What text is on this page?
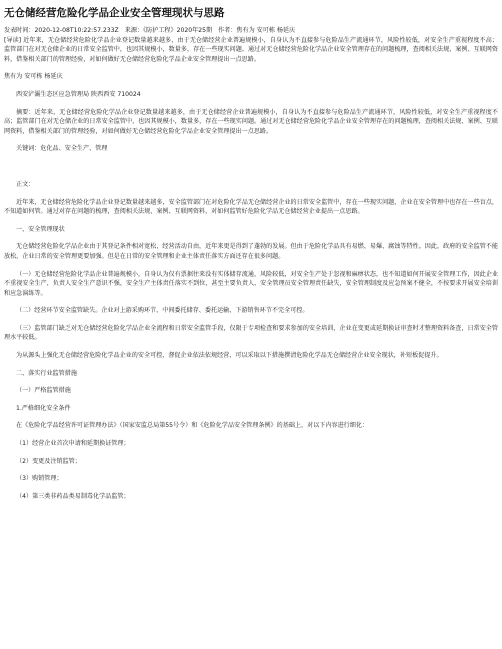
无仓储经营危险化学品企业安全管理现状与思路

发表时间：2020-12-08T10:22:57.233Z　来源：《防护工程》2020年25期　作者：焦有为 安可栋 杨延庆

[导读] 近年来，无仓储经营危险化学品企业登记数量越来越多，由于无仓储经营企业普遍规模小，自身认为不直接参与危险品生产流通环节，风险性较低，对安全生产重视程度不高；监管部门在对无仓储企业的日常安全监管中，也因其规模小，数量多，存在一些现实问题。通过对无仓储经营危险化学品企业安全管理存在的问题梳理，查阅相关法规、案例、互联网资料，借鉴相关部门的管理经验，对如何做好无仓储经营危险化学品企业安全管理提出一点思路。

焦有为 安可栋 杨延庆

西安浐灞生态区应急管理局 陕西西安 710024

摘要：近年来，无仓储经营危险化学品企业登记数量越来越多，由于无仓储经营企业普遍规模小，自身认为不直接参与危险品生产流通环节，风险性较低，对安全生产重视程度不高；监管部门在对无仓储企业的日常安全监管中，也因其规模小，数量多，存在一些现实问题。通过对无仓储经营危险化学品企业安全管理存在的问题梳理，查阅相关法规、案例、互联网资料，借鉴相关部门的管理经验，对如何做好无仓储经营危险化学品企业安全管理提出一点思路。

关键词：危化品、安全生产、管理

正文：

近年来，无仓储经营危险化学品企业登记数量越来越多，安全监管部门在对危险化学品无仓储经营企业的日常安全监管中，存在一些现实问题，企业在安全管理中也存在一些盲点，不知道如何管。通过对存在问题的梳理，查阅相关法规、案例、互联网资料，对如何监管好危险化学品无仓储经营企业提出一点思路。

一、安全管理现状

无仓储经营危险化学品企业由于其登记条件相对宽松，经营活动自由，近年来更是得到了蓬勃的发展。但由于危险化学品具有易燃、易爆、腐蚀等特性。因此，政府的安全监管不能放松，企业日常的安全管理更要加强。但是在日常的安全管理和企业主体责任落实方面还存在很多问题。

（一）无仓储经营危险化学品企业普遍规模小，自身认为仅有票据往来没有实体储存流通，风险较低，对安全生产处于忽视和麻痹状态，也不知道如何开展安全管理工作，因此企业不重视安全生产，负责人安全生产意识不强，安全生产主体责任落实不到位，甚至主要负责人、安全管理员安全管理责任缺失，安全管理制度及应急预案不健全，不按要求开展安全培训和应急演练等。

（二）经营环节安全监管缺失。企业对上游采购环节、中间委托储存、委托运输、下游销售环节不完全可控。

（三）监管部门缺乏对无仓储经营危险化学品企业全流程和日常安全监管手段，仅限于专项检查和要求参加的安全培训，企业在变更或延期换证审查时才整理资料备查，日常安全管理水平较低。

为从源头上强化无仓储经营危险化学品企业的安全可控，督促企业依法依规经营，可以采取以下措施撰清危险化学品无仓储经营企业安全现状，补短板促提升。

二、落实行业监管措施

（一）严格监管措施

1.严格细化安全条件

在《危险化学品经营许可证管理办法》（国家安监总局第55号令）和《危险化学品安全管理条例》的基础上，对以下内容进行细化：

（1）经营企业首次申请和延期换证管理；

（2）变更及注销监管；

（3）购销管理；

（4）第三类非药品类易制毒化学品监管；
